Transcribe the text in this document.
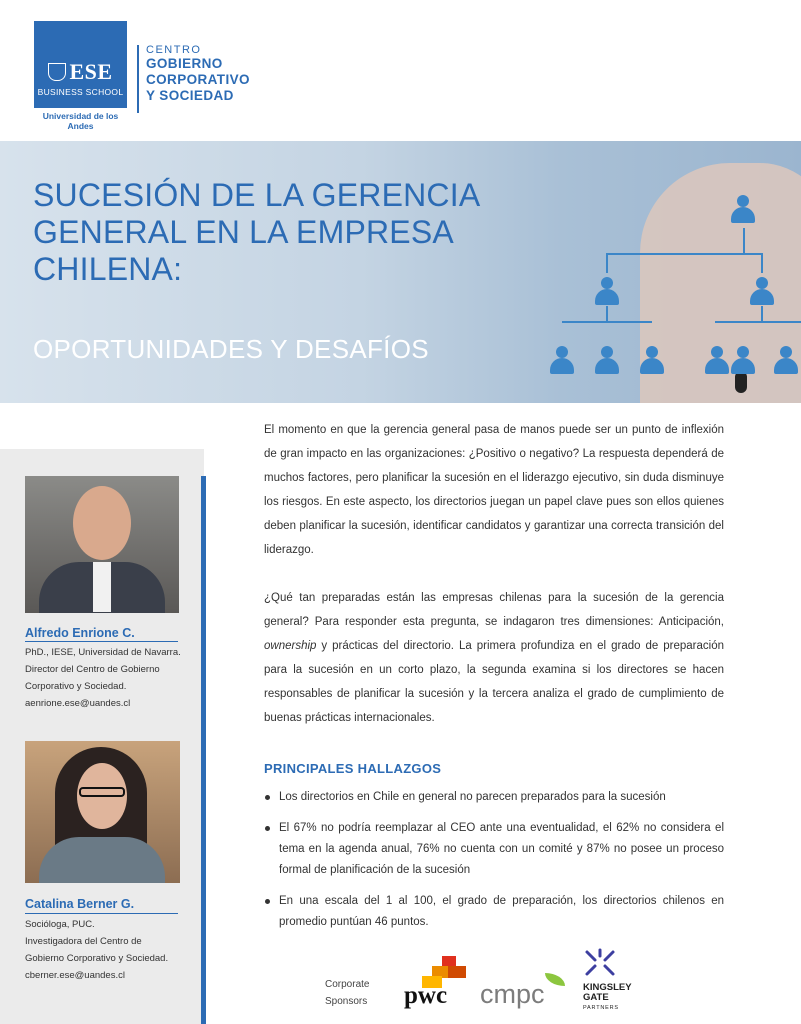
ESE
BUSINESS SCHOOL
Universidad de los Andes
CENTRO
GOBIERNO
CORPORATIVO
Y SOCIEDAD
SUCESIÓN DE LA GERENCIA
GENERAL EN LA EMPRESA
CHILENA:
OPORTUNIDADES Y DESAFÍOS
Alfredo Enrione C.
PhD., IESE, Universidad de Navarra.
Director del Centro de Gobierno
Corporativo y Sociedad.
aenrione.ese@uandes.cl
Catalina Berner G.
Socióloga, PUC.
Investigadora del Centro de
Gobierno Corporativo y Sociedad.
cberner.ese@uandes.cl
El momento en que la gerencia general pasa de manos puede ser un punto de inflexión de gran impacto en las organizaciones: ¿Positivo o negativo? La respuesta dependerá de muchos factores, pero planificar la sucesión en el liderazgo ejecutivo, sin duda disminuye los riesgos. En este aspecto, los directorios juegan un papel clave pues son ellos quienes deben planificar la sucesión, identificar candidatos y garantizar una correcta transición del liderazgo.
¿Qué tan preparadas están las empresas chilenas para la sucesión de la gerencia general? Para responder esta pregunta, se indagaron tres dimensiones: Anticipación, ownership y prácticas del directorio. La primera profundiza en el grado de preparación para la sucesión en un corto plazo, la segunda examina si los directores se hacen responsables de planificar la sucesión y la tercera analiza el grado de cumplimiento de buenas prácticas internacionales.
PRINCIPALES HALLAZGOS
Los directorios en Chile en general no parecen preparados para la sucesión
El 67% no podría reemplazar al CEO ante una eventualidad, el 62% no considera el tema en la agenda anual, 76% no cuenta con un comité y 87% no posee un proceso formal de planificación de la sucesión
En una escala del 1 al 100, el grado de preparación, los directorios chilenos en promedio puntúan 46 puntos.
Corporate
Sponsors pwc cmpc	KINGSLEY
GATE
PARTNERS
